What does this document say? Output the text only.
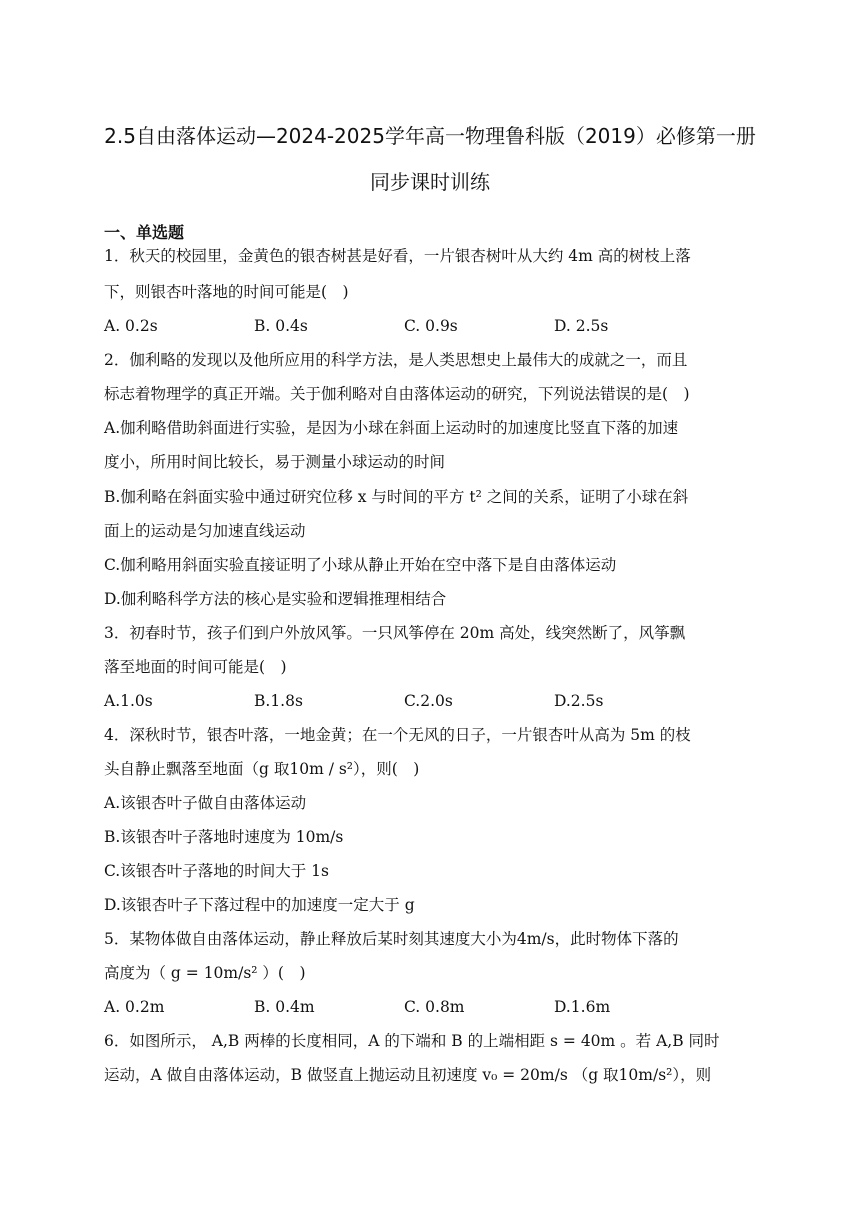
2.5自由落体运动—2024-2025学年高一物理鲁科版（2019）必修第一册
同步课时训练
一、单选题
1．秋天的校园里，金黄色的银杏树甚是好看，一片银杏树叶从大约 4m 高的树枝上落
下，则银杏叶落地的时间可能是(　)
A. 0.2s	B. 0.4s	C. 0.9s	D. 2.5s
2．伽利略的发现以及他所应用的科学方法，是人类思想史上最伟大的成就之一，而且
标志着物理学的真正开端。关于伽利略对自由落体运动的研究，下列说法错误的是(　)
A.伽利略借助斜面进行实验，是因为小球在斜面上运动时的加速度比竖直下落的加速
度小，所用时间比较长，易于测量小球运动的时间
B.伽利略在斜面实验中通过研究位移 x 与时间的平方 t² 之间的关系，证明了小球在斜
面上的运动是匀加速直线运动
C.伽利略用斜面实验直接证明了小球从静止开始在空中落下是自由落体运动
D.伽利略科学方法的核心是实验和逻辑推理相结合
3．初春时节，孩子们到户外放风筝。一只风筝停在 20m 高处，线突然断了，风筝飘
落至地面的时间可能是(　)
A.1.0s	B.1.8s	C.2.0s	D.2.5s
4．深秋时节，银杏叶落，一地金黄；在一个无风的日子，一片银杏叶从高为 5m 的枝
头自静止飘落至地面（g 取10m / s²），则(　)
A.该银杏叶子做自由落体运动
B.该银杏叶子落地时速度为 10m/s
C.该银杏叶子落地的时间大于 1s
D.该银杏叶子下落过程中的加速度一定大于 g
5．某物体做自由落体运动，静止释放后某时刻其速度大小为4m/s，此时物体下落的
高度为（ g = 10m/s² ）(　)
A. 0.2m	B. 0.4m	C. 0.8m	D.1.6m
6．如图所示， A,B 两棒的长度相同，A 的下端和 B 的上端相距 s = 40m 。若 A,B 同时
运动，A 做自由落体运动，B 做竖直上抛运动且初速度 v₀ = 20m/s （g 取10m/s²），则
